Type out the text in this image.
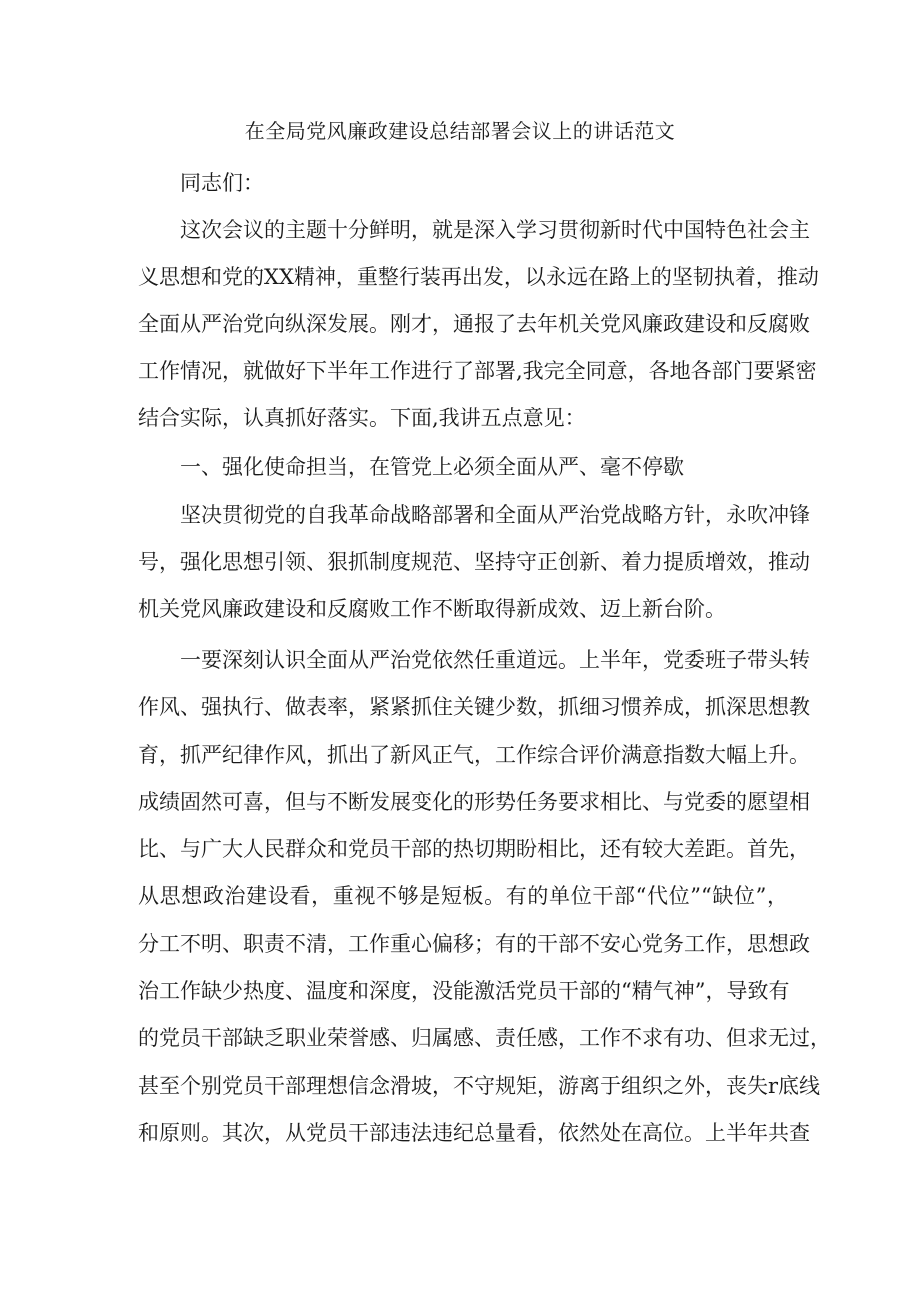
在全局党风廉政建设总结部署会议上的讲话范文
同志们：
这次会议的主题十分鲜明，就是深入学习贯彻新时代中国特色社会主
义思想和党的XX精神，重整行装再出发，以永远在路上的坚韧执着，推动
全面从严治党向纵深发展。刚才，通报了去年机关党风廉政建设和反腐败
工作情况，就做好下半年工作进行了部署,我完全同意，各地各部门要紧密
结合实际，认真抓好落实。下面,我讲五点意见：
一、强化使命担当，在管党上必须全面从严、毫不停歇
坚决贯彻党的自我革命战略部署和全面从严治党战略方针，永吹冲锋
号，强化思想引领、狠抓制度规范、坚持守正创新、着力提质增效，推动
机关党风廉政建设和反腐败工作不断取得新成效、迈上新台阶。
一要深刻认识全面从严治党依然任重道远。上半年，党委班子带头转
作风、强执行、做表率，紧紧抓住关键少数，抓细习惯养成，抓深思想教
育，抓严纪律作风，抓出了新风正气，工作综合评价满意指数大幅上升。
成绩固然可喜，但与不断发展变化的形势任务要求相比、与党委的愿望相
比、与广大人民群众和党员干部的热切期盼相比，还有较大差距。首先，
从思想政治建设看，重视不够是短板。有的单位干部“代位”“缺位”，
分工不明、职责不清，工作重心偏移；有的干部不安心党务工作，思想政
治工作缺少热度、温度和深度，没能激活党员干部的“精气神”，导致有
的党员干部缺乏职业荣誉感、归属感、责任感，工作不求有功、但求无过，
甚至个别党员干部理想信念滑坡，不守规矩，游离于组织之外，丧失r底线
和原则。其次，从党员干部违法违纪总量看，依然处在高位。上半年共查
